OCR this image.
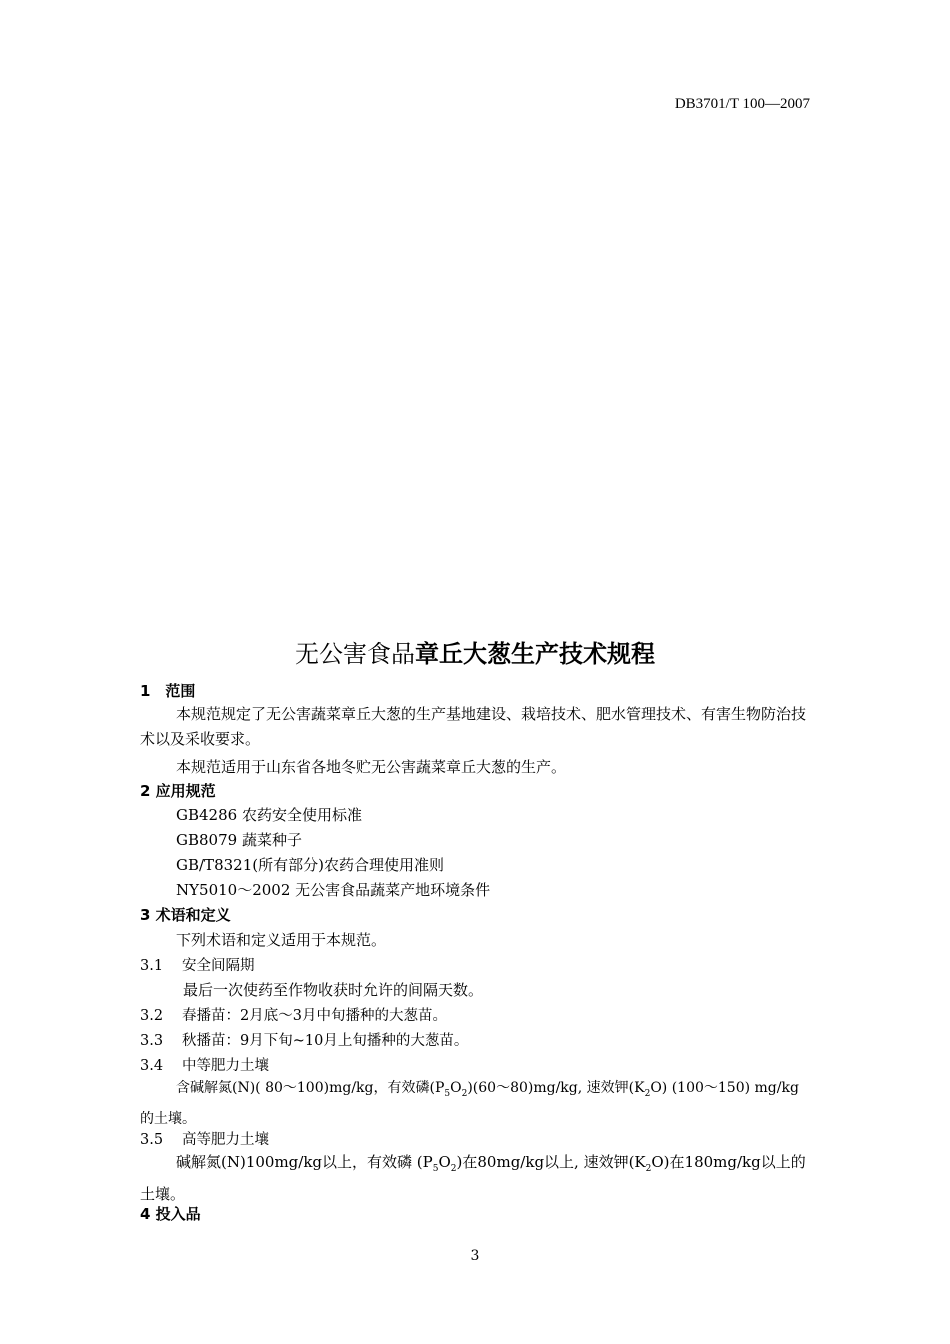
DB3701/T 100—2007
无公害食品章丘大葱生产技术规程
1　范围
本规范规定了无公害蔬菜章丘大葱的生产基地建设、栽培技术、肥水管理技术、有害生物防治技术以及采收要求。
本规范适用于山东省各地冬贮无公害蔬菜章丘大葱的生产。
2 应用规范
GB4286 农药安全使用标准
GB8079 蔬菜种子
GB/T8321(所有部分)农药合理使用准则
NY5010～2002 无公害食品蔬菜产地环境条件
3 术语和定义
下列术语和定义适用于本规范。
3.1 安全间隔期
最后一次使药至作物收获时允许的间隔天数。
3.2 春播苗：2月底～3月中旬播种的大葱苗。
3.3 秋播苗：9月下旬~10月上旬播种的大葱苗。
3.4 中等肥力土壤
含碱解氮(N)( 80～100)mg/kg，有效磷$(P_5O_2)(60\sim 80)mg/kg$, 速效钾$(K_2O)$ (100～150) mg/kg的土壤。
3.5 高等肥力土壤
碱解氮(N)100mg/kg以上，有效磷 $(P_5O_2)$在80mg/kg以上, 速效钾$(K_2O)$在180mg/kg以上的土壤。
4 投入品
3
